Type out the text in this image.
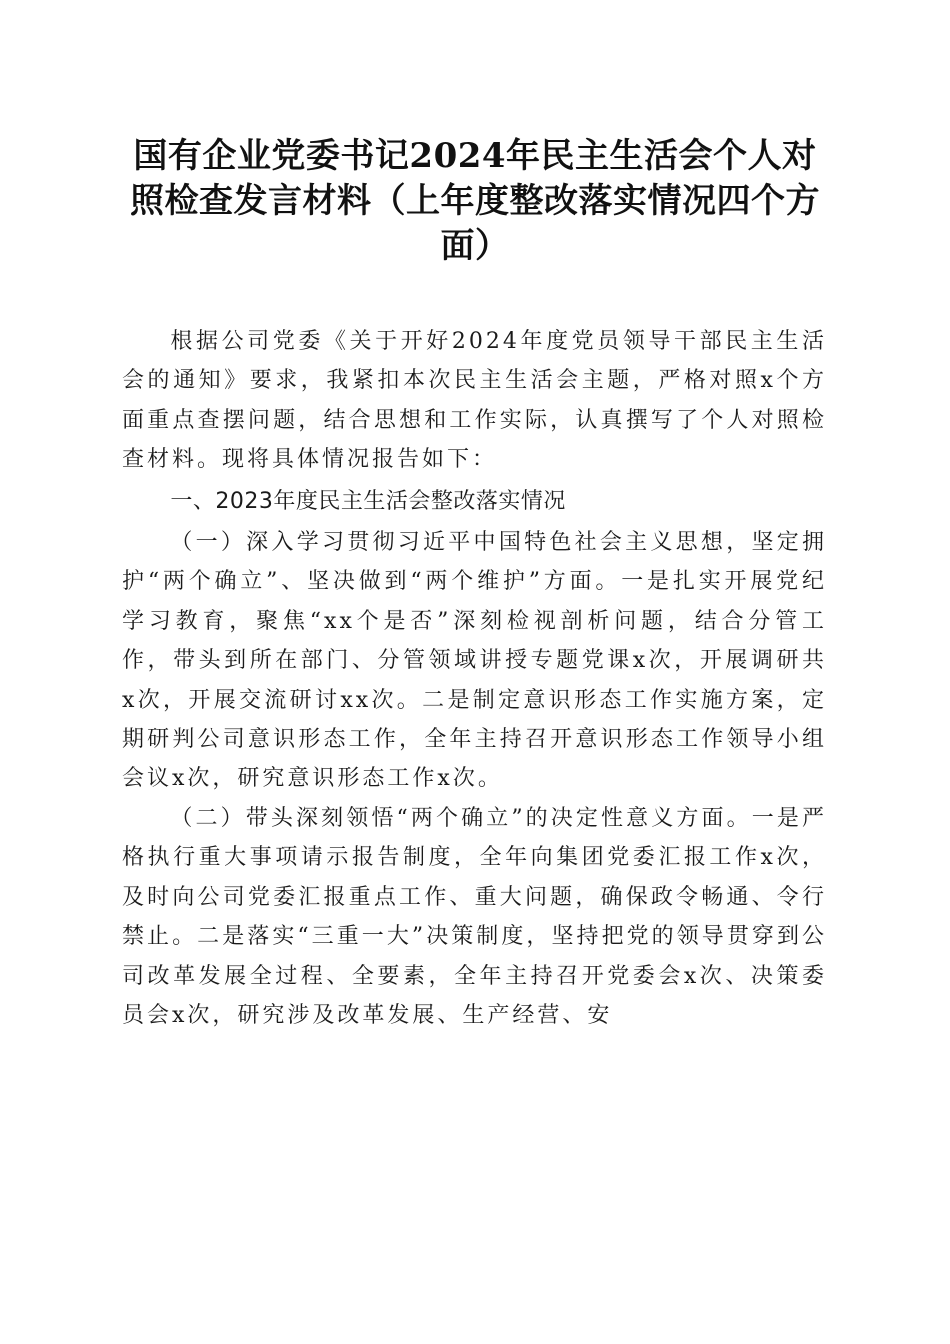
国有企业党委书记2024年民主生活会个人对照检查发言材料（上年度整改落实情况四个方面）

根据公司党委《关于开好2024年度党员领导干部民主生活会的通知》要求，我紧扣本次民主生活会主题，严格对照x个方面重点查摆问题，结合思想和工作实际，认真撰写了个人对照检查材料。现将具体情况报告如下：

一、2023年度民主生活会整改落实情况

（一）深入学习贯彻习近平中国特色社会主义思想，坚定拥护“两个确立”、坚决做到“两个维护”方面。一是扎实开展党纪学习教育，聚焦“xx个是否”深刻检视剖析问题，结合分管工作，带头到所在部门、分管领域讲授专题党课x次，开展调研共x次，开展交流研讨xx次。二是制定意识形态工作实施方案，定期研判公司意识形态工作，全年主持召开意识形态工作领导小组会议x次，研究意识形态工作x次。

（二）带头深刻领悟“两个确立”的决定性意义方面。一是严格执行重大事项请示报告制度，全年向集团党委汇报工作x次，及时向公司党委汇报重点工作、重大问题，确保政令畅通、令行禁止。二是落实“三重一大”决策制度，坚持把党的领导贯穿到公司改革发展全过程、全要素，全年主持召开党委会x次、决策委员会x次，研究涉及改革发展、生产经营、安
